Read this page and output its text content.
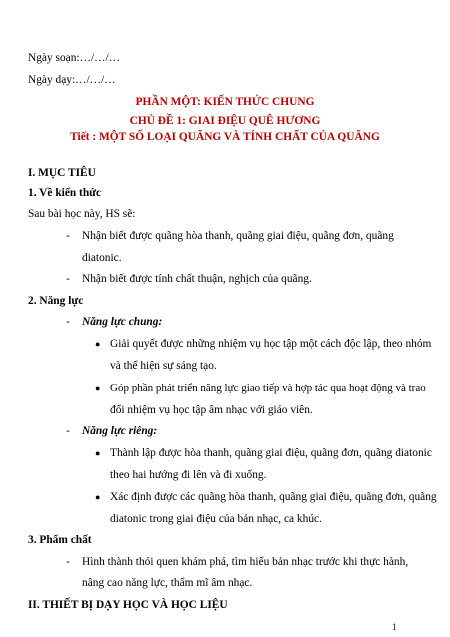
Ngày soạn:…/…/…
Ngày dạy:…/…/…
PHẦN MỘT: KIẾN THỨC CHUNG
CHỦ ĐỀ 1: GIAI ĐIỆU QUÊ HƯƠNG
Tiết : MỘT SỐ LOẠI QUÃNG VÀ TÍNH CHẤT CỦA QUÃNG
I. MỤC TIÊU
1. Về kiến thức
Sau bài học này, HS sẽ:
- Nhận biết được quãng hòa thanh, quãng giai điệu, quãng đơn, quãng
diatonic.
- Nhận biết được tính chất thuận, nghịch của quãng.
2. Năng lực
- Năng lực chung:
● Giải quyết được những nhiệm vụ học tập một cách độc lập, theo nhóm
và thể hiện sự sáng tạo.
● Góp phần phát triển năng lực giao tiếp và hợp tác qua hoạt động và trao
đổi nhiệm vụ học tập âm nhạc với giáo viên.
- Năng lực riêng:
● Thành lập được hòa thanh, quãng giai điệu, quãng đơn, quãng diatonic
theo hai hướng đi lên và đi xuống.
● Xác định được các quãng hòa thanh, quãng giai điệu, quãng đơn, quãng
diatonic trong giai điệu của bản nhạc, ca khúc.
3. Phẩm chất
- Hình thành thói quen khám phá, tìm hiểu bản nhạc trước khi thực hành,
nâng cao năng lực, thẩm mĩ âm nhạc.
II. THIẾT BỊ DẠY HỌC VÀ HỌC LIỆU
1
